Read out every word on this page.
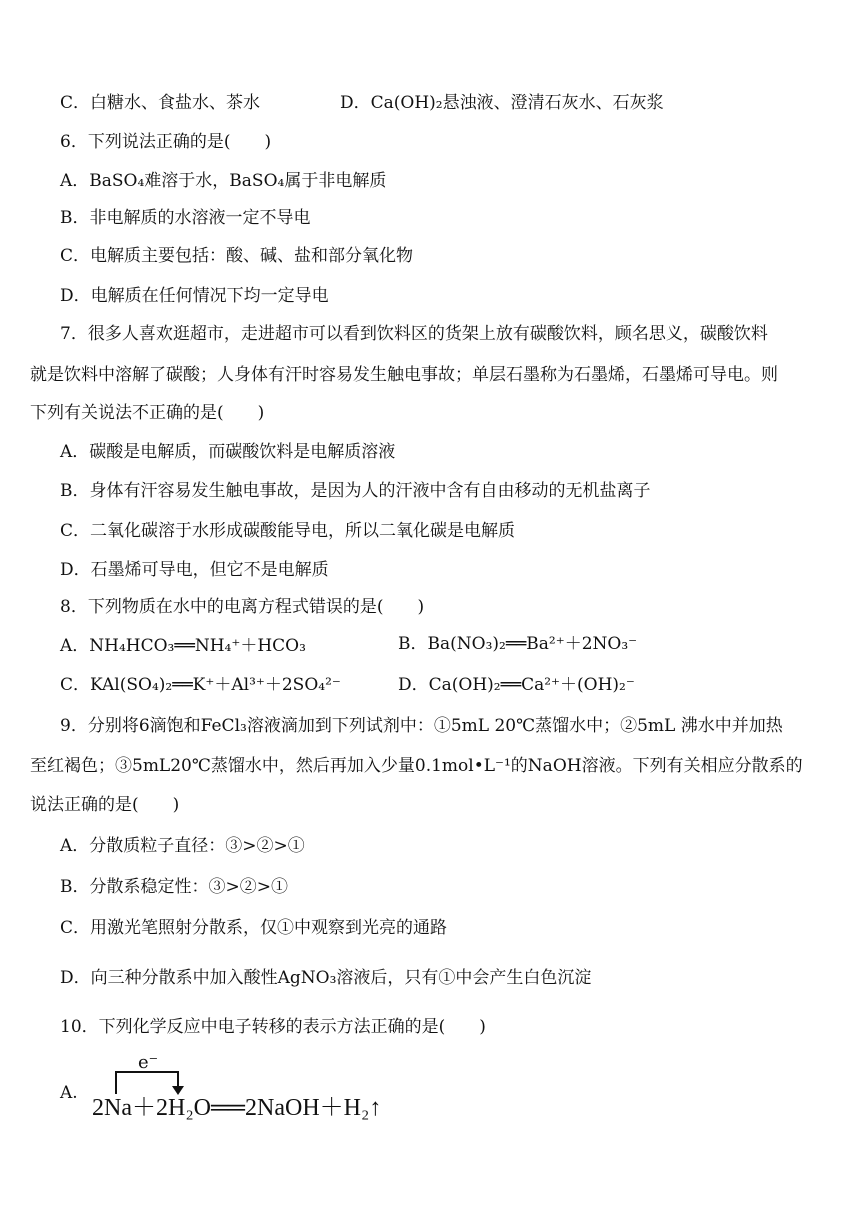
C．白糖水、食盐水、茶水	D．Ca(OH)₂悬浊液、澄清石灰水、石灰浆
6．下列说法正确的是(　　)
A．BaSO₄难溶于水，BaSO₄属于非电解质
B．非电解质的水溶液一定不导电
C．电解质主要包括：酸、碱、盐和部分氧化物
D．电解质在任何情况下均一定导电
7．很多人喜欢逛超市，走进超市可以看到饮料区的货架上放有碳酸饮料，顾名思义，碳酸饮料
就是饮料中溶解了碳酸；人身体有汗时容易发生触电事故；单层石墨称为石墨烯，石墨烯可导电。则
下列有关说法不正确的是(　　)
A．碳酸是电解质，而碳酸饮料是电解质溶液
B．身体有汗容易发生触电事故，是因为人的汗液中含有自由移动的无机盐离子
C．二氧化碳溶于水形成碳酸能导电，所以二氧化碳是电解质
D．石墨烯可导电，但它不是电解质
8．下列物质在水中的电离方程式错误的是(　　)
A．NH₄HCO₃══NH₄⁺＋HCO₃	B．Ba(NO₃)₂══Ba²⁺＋2NO₃⁻
C．KAl(SO₄)₂══K⁺＋Al³⁺＋2SO₄²⁻	D．Ca(OH)₂══Ca²⁺＋(OH)₂⁻
9．分别将6滴饱和FeCl₃溶液滴加到下列试剂中：①5mL 20℃蒸馏水中；②5mL 沸水中并加热
至红褐色；③5mL20℃蒸馏水中，然后再加入少量0.1mol•L⁻¹的NaOH溶液。下列有关相应分散系的
说法正确的是(　　)
A．分散质粒子直径：③>②>①
B．分散系稳定性：③>②>①
C．用激光笔照射分散系，仅①中观察到光亮的通路
D．向三种分散系中加入酸性AgNO₃溶液后，只有①中会产生白色沉淀
10．下列化学反应中电子转移的表示方法正确的是(　　)
A.
e⁻
2Na＋2H₂O══2NaOH＋H₂↑
